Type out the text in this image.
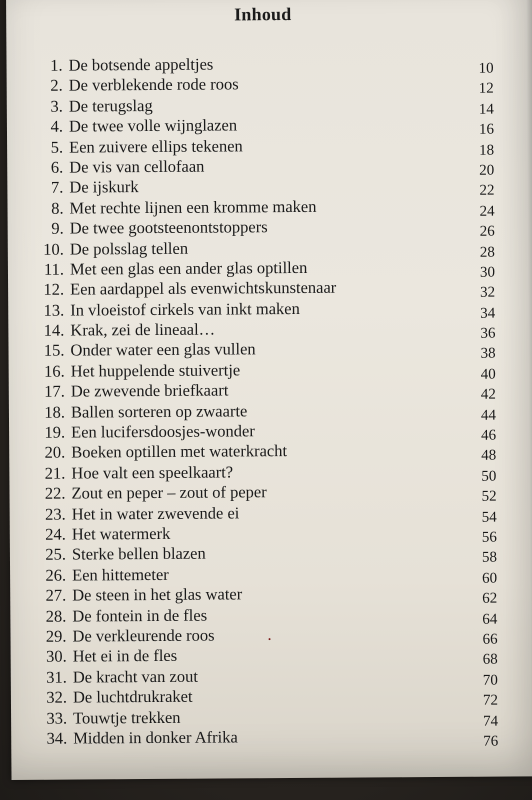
Inhoud
1. De botsende appeltjes
2. De verblekende rode roos
3. De terugslag
4. De twee volle wijnglazen
5. Een zuivere ellips tekenen
6. De vis van cellofaan
7. De ijskurk
8. Met rechte lijnen een kromme maken
9. De twee gootsteenontstoppers
10. De polsslag tellen
11. Met een glas een ander glas optillen
12. Een aardappel als evenwichtskunstenaar
13. In vloeistof cirkels van inkt maken
14. Krak, zei de lineaal…
15. Onder water een glas vullen
16. Het huppelende stuivertje
17. De zwevende briefkaart
18. Ballen sorteren op zwaarte
19. Een lucifersdoosjes-wonder
20. Boeken optillen met waterkracht
21. Hoe valt een speelkaart?
22. Zout en peper – zout of peper
23. Het in water zwevende ei
24. Het watermerk
25. Sterke bellen blazen
26. Een hittemeter
27. De steen in het glas water
28. De fontein in de fles
29. De verkleurende roos
30. Het ei in de fles
31. De kracht van zout
32. De luchtdrukraket
33. Touwtje trekken
34. Midden in donker Afrika
10
12
14
16
18
20
22
24
26
28
30
32
34
36
38
40
42
44
46
48
50
52
54
56
58
60
62
64
66
68
70
72
74
76
